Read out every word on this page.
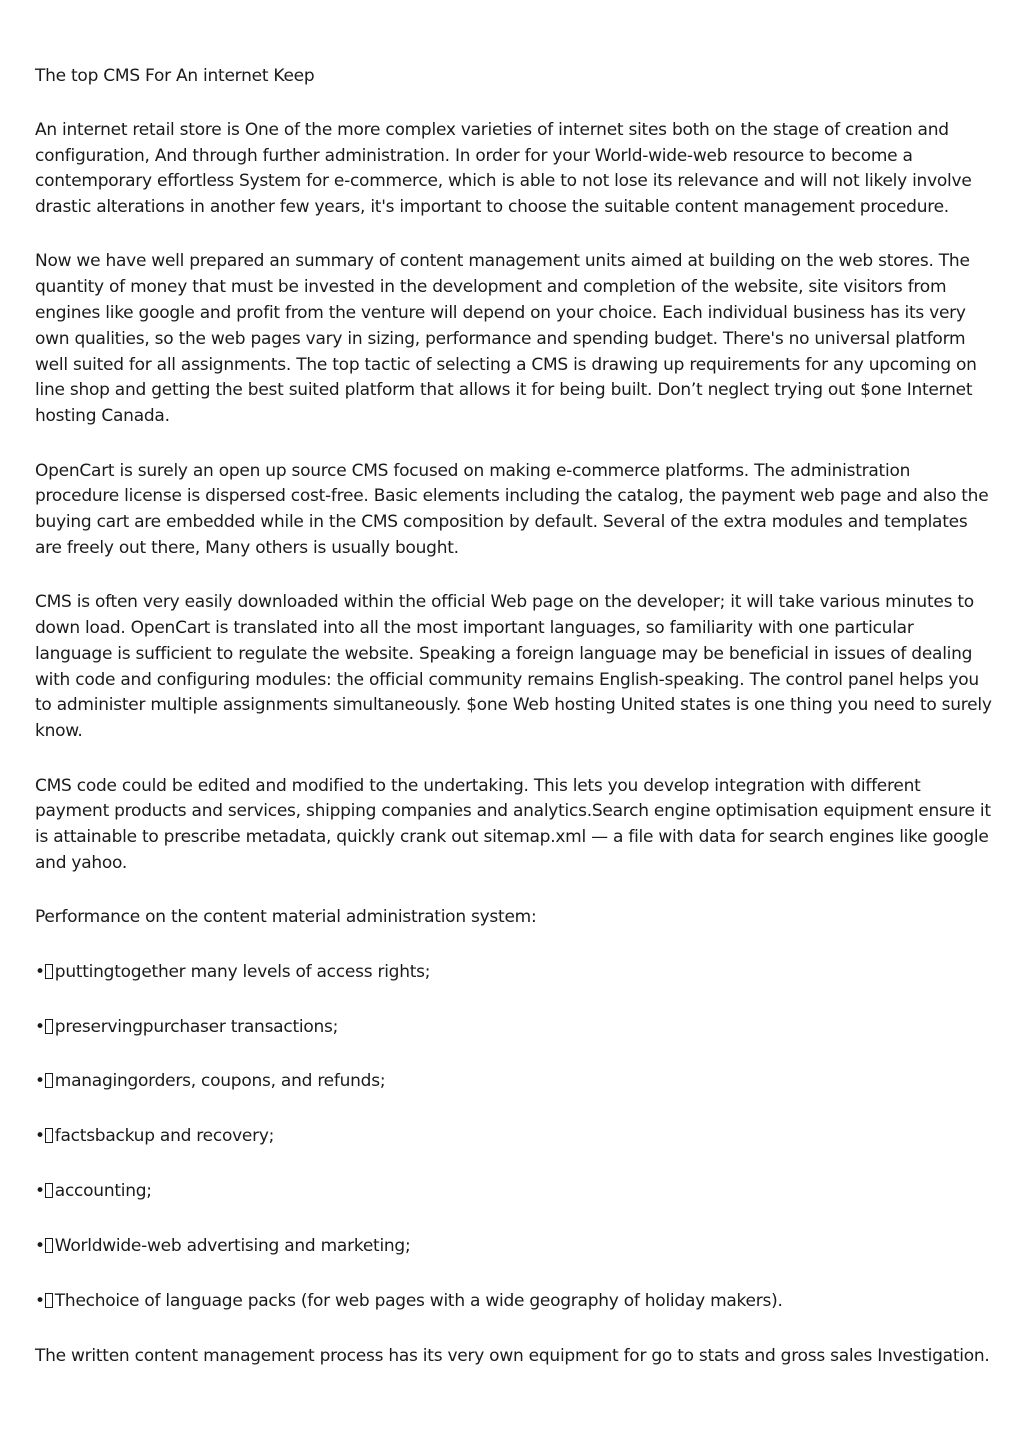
The top CMS For An internet Keep

An internet retail store is One of the more complex varieties of internet sites both on the stage of creation and configuration, And through further administration. In order for your World-wide-web resource to become a contemporary effortless System for e-commerce, which is able to not lose its relevance and will not likely involve drastic alterations in another few years, it's important to choose the suitable content management procedure.

Now we have well prepared an summary of content management units aimed at building on the web stores. The quantity of money that must be invested in the development and completion of the website, site visitors from engines like google and profit from the venture will depend on your choice. Each individual business has its very own qualities, so the web pages vary in sizing, performance and spending budget. There's no universal platform well suited for all assignments. The top tactic of selecting a CMS is drawing up requirements for any upcoming on line shop and getting the best suited platform that allows it for being built. Don’t neglect trying out $one Internet hosting Canada.

OpenCart is surely an open up source CMS focused on making e-commerce platforms. The administration procedure license is dispersed cost-free. Basic elements including the catalog, the payment web page and also the buying cart are embedded while in the CMS composition by default. Several of the extra modules and templates are freely out there, Many others is usually bought.

CMS is often very easily downloaded within the official Web page on the developer; it will take various minutes to down load. OpenCart is translated into all the most important languages, so familiarity with one particular language is sufficient to regulate the website. Speaking a foreign language may be beneficial in issues of dealing with code and configuring modules: the official community remains English-speaking. The control panel helps you to administer multiple assignments simultaneously. $one Web hosting United states is one thing you need to surely know.

CMS code could be edited and modified to the undertaking. This lets you develop integration with different payment products and services, shipping companies and analytics.Search engine optimisation equipment ensure it is attainable to prescribe metadata, quickly crank out sitemap.xml — a file with data for search engines like google and yahoo.

Performance on the content material administration system:

• puttingtogether many levels of access rights;
• preservingpurchaser transactions;
• managingorders, coupons, and refunds;
• factsbackup and recovery;
• accounting;
• Worldwide-web advertising and marketing;
• Thechoice of language packs (for web pages with a wide geography of holiday makers).

The written content management process has its very own equipment for go to stats and gross sales Investigation.
